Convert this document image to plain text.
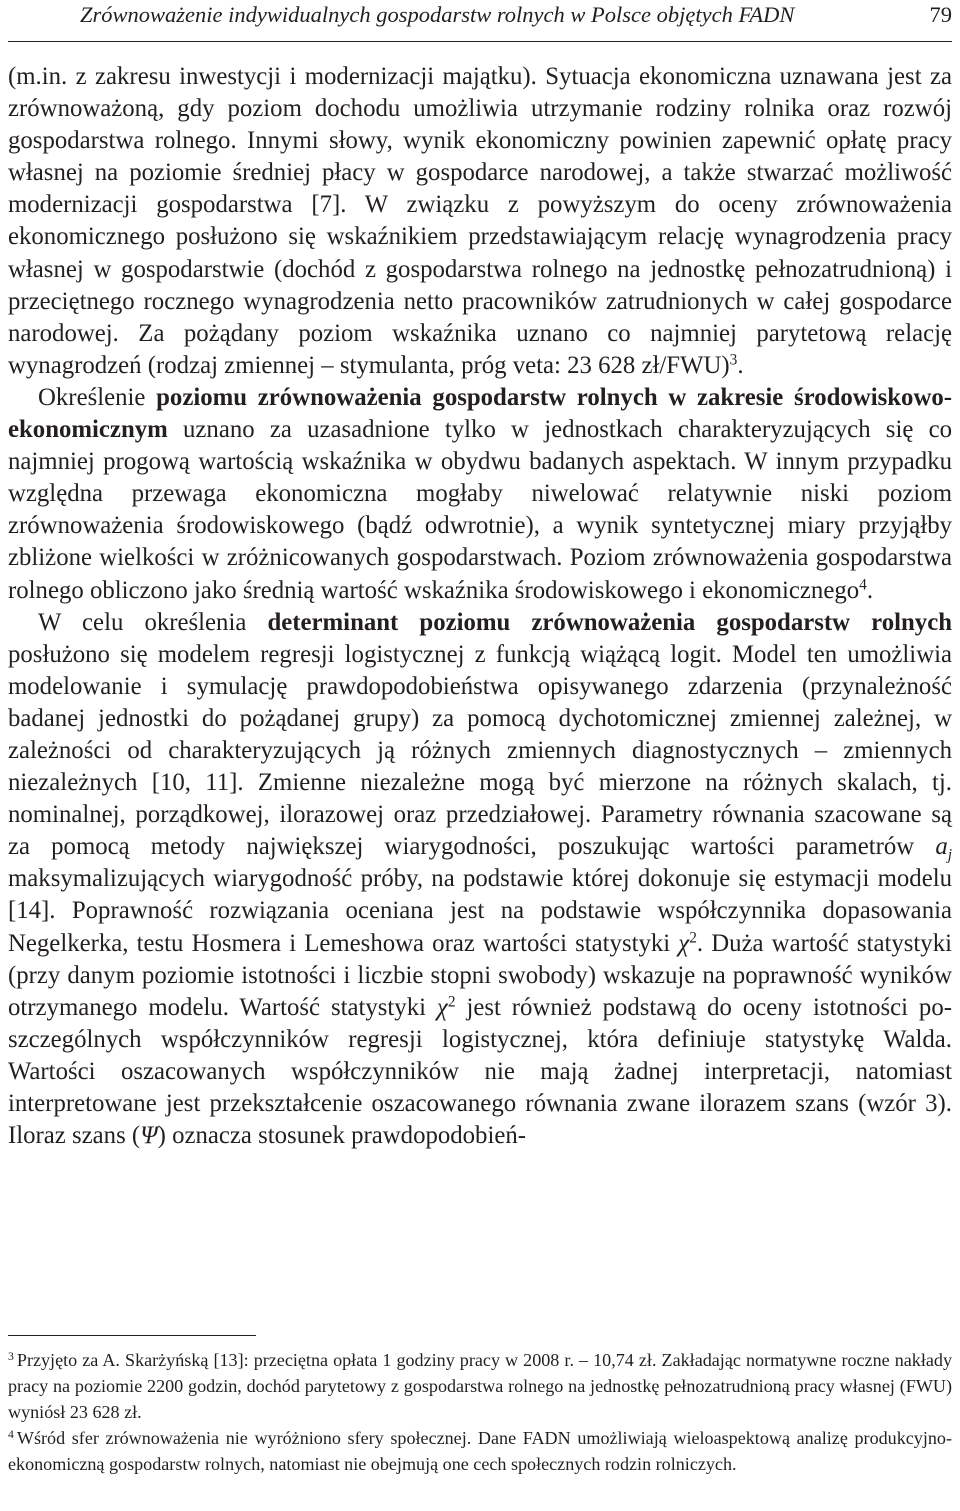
Zrównoważenie indywidualnych gospodarstw rolnych w Polsce objętych FADN	79

(m.in. z zakresu inwestycji i modernizacji majątku). Sytuacja ekonomiczna uznawana jest za zrównoważoną, gdy poziom dochodu umożliwia utrzymanie rodziny rolnika oraz rozwój gospodarstwa rolnego. Innymi słowy, wynik ekonomiczny powinien zapewnić opłatę pracy własnej na poziomie średniej płacy w gospodarce narodowej, a także stwarzać możliwość modernizacji gospodarstwa [7]. W związku z powyższym do oceny zrównoważenia ekonomicznego posłużono się wskaźnikiem przedstawiającym relację wynagrodzenia pracy własnej w gospodarstwie (dochód z gospodarstwa rolnego na jednostkę pełnozatrudnioną) i przeciętnego rocznego wynagrodzenia netto pracowników zatrudnionych w całej gospodarce narodowej. Za pożądany poziom wskaźnika uznano co najmniej parytetową relację wynagrodzeń (rodzaj zmiennej – stymulanta, próg veta: 23 628 zł/FWU)$^3$.

Określenie poziomu zrównoważenia gospodarstw rolnych w zakresie środowiskowo-ekonomicznym uznano za uzasadnione tylko w jednostkach charakteryzujących się co najmniej progową wartością wskaźnika w obydwu badanych aspektach. W innym przypadku względna przewaga ekonomiczna mogłaby niwelować relatywnie niski poziom zrównoważenia środowiskowego (bądź odwrotnie), a wynik syntetycznej miary przyjąłby zbliżone wielkości w zróżnicowanych gospodarstwach. Poziom zrównoważenia gospodarstwa rolnego obliczono jako średnią wartość wskaźnika środowiskowego i ekonomicznego$^4$.

W celu określenia determinant poziomu zrównoważenia gospodarstw rolnych posłużono się modelem regresji logistycznej z funkcją wiążącą logit. Model ten umożliwia modelowanie i symulację prawdopodobieństwa opisywanego zdarzenia (przynależność badanej jednostki do pożądanej grupy) za pomocą dychotomicznej zmiennej zależnej, w zależności od charakteryzujących ją różnych zmiennych diagnostycznych – zmiennych niezależnych [10, 11]. Zmienne niezależne mogą być mierzone na różnych skalach, tj. nominalnej, porządkowej, ilorazowej oraz przedziałowej. Parametry równania szacowane są za pomocą metody największej wiarygodności, poszukując wartości parametrów $a_j$ maksymalizujących wiarygodność próby, na podstawie której dokonuje się estymacji modelu [14]. Poprawność rozwiązania oceniana jest na podstawie współczynnika dopasowania Negelkerka, testu Hosmera i Lemeshowa oraz wartości statystyki $\chi^2$. Duża wartość statystyki (przy danym poziomie istotności i liczbie stopni swobody) wskazuje na poprawność wyników otrzymanego modelu. Wartość statystyki $\chi^2$ jest również podstawą do oceny istotności poszczególnych współczynników regresji logistycznej, która definiuje statystykę Walda. Wartości oszacowanych współczynników nie mają żadnej interpretacji, natomiast interpretowane jest przekształcenie oszacowanego równania zwane ilorazem szans (wzór 3). Iloraz szans (Ψ) oznacza stosunek prawdopodobień-

$^3$ Przyjęto za A. Skarżyńską [13]: przeciętna opłata 1 godziny pracy w 2008 r. – 10,74 zł. Zakładając normatywne roczne nakłady pracy na poziomie 2200 godzin, dochód parytetowy z gospodarstwa rolnego na jednostkę pełnozatrudnioną pracy własnej (FWU) wyniósł 23 628 zł.

$^4$ Wśród sfer zrównoważenia nie wyróżniono sfery społecznej. Dane FADN umożliwiają wieloaspektową analizę produkcyjno-ekonomiczną gospodarstw rolnych, natomiast nie obejmują one cech społecznych rodzin rolniczych.
